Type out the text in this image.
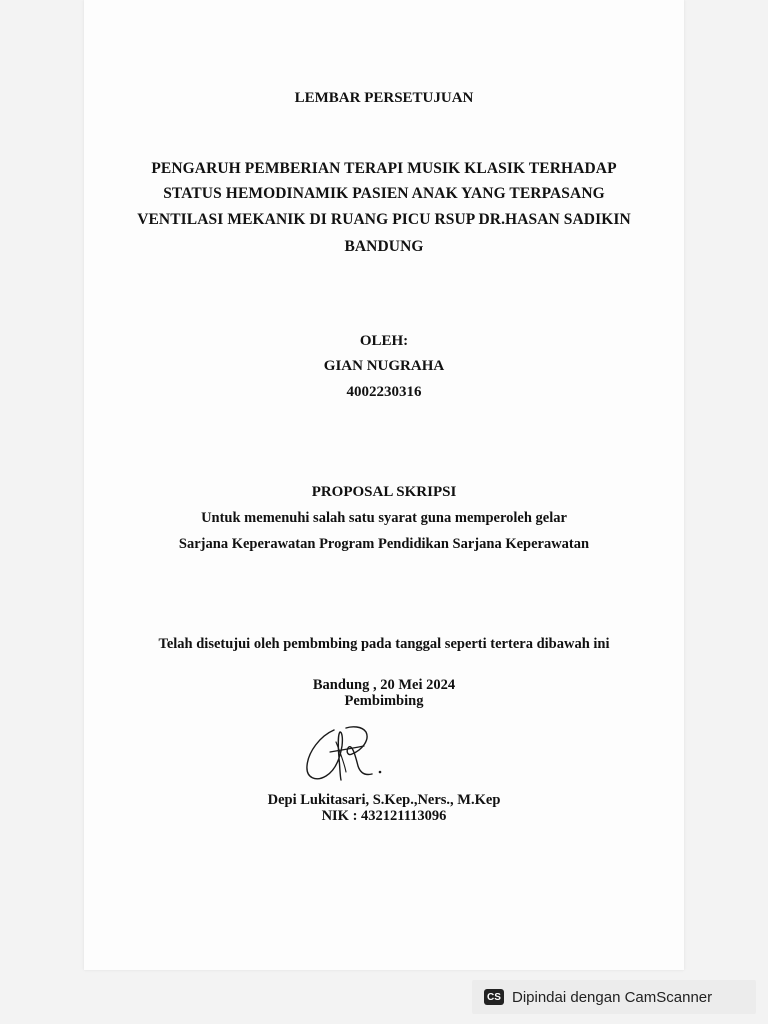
LEMBAR PERSETUJUAN
PENGARUH PEMBERIAN TERAPI MUSIK KLASIK TERHADAP
STATUS HEMODINAMIK PASIEN ANAK YANG TERPASANG
VENTILASI MEKANIK DI RUANG PICU RSUP DR.HASAN SADIKIN
BANDUNG
OLEH:
GIAN NUGRAHA
4002230316
PROPOSAL SKRIPSI
Untuk memenuhi salah satu syarat guna memperoleh gelar
Sarjana Keperawatan Program Pendidikan Sarjana Keperawatan
Telah disetujui oleh pembmbing pada tanggal seperti tertera dibawah ini
Bandung , 20 Mei 2024
Pembimbing
Depi Lukitasari, S.Kep.,Ners., M.Kep
NIK : 432121113096
CS Dipindai dengan CamScanner
